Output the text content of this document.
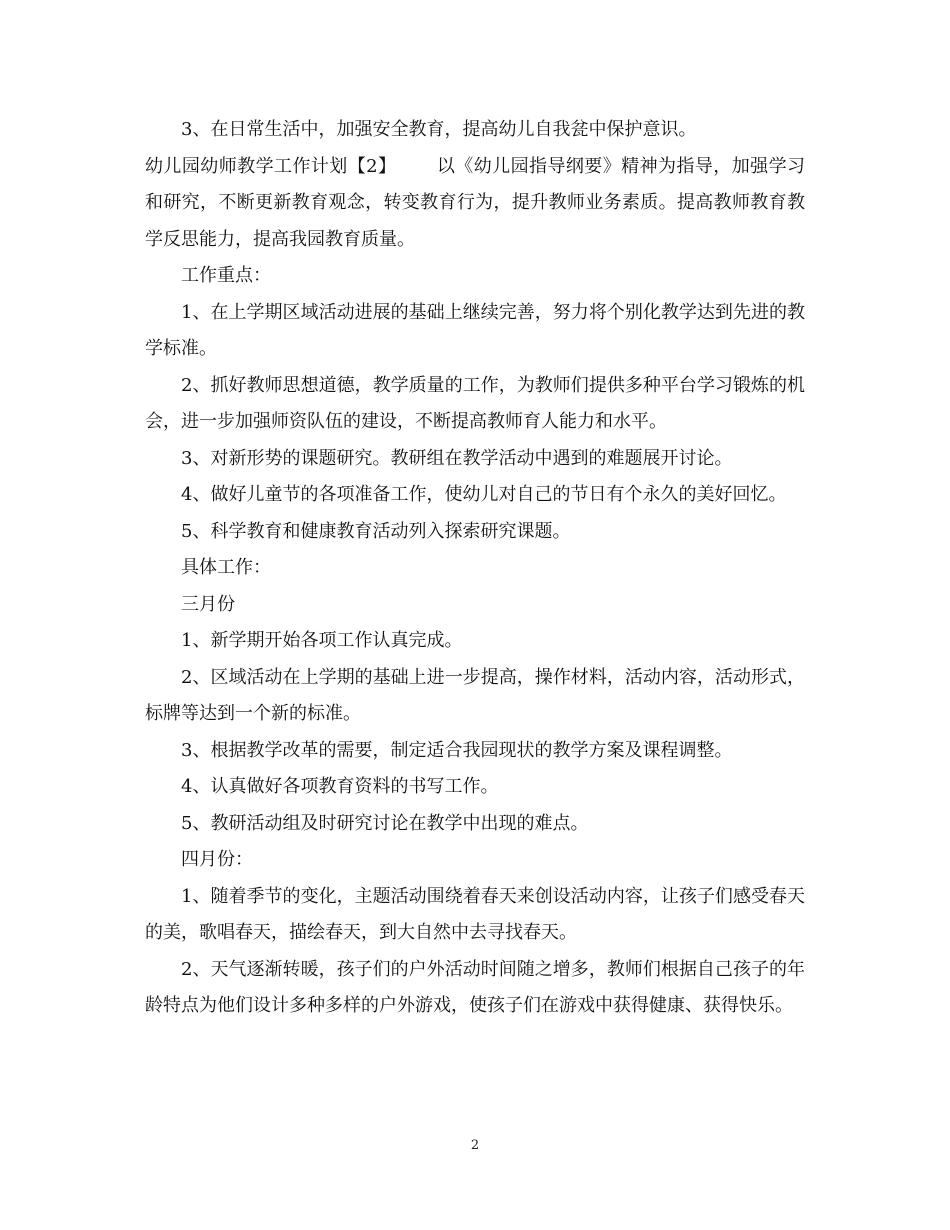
3、在日常生活中，加强安全教育，提高幼儿自我瓫中保护意识。

幼儿园幼师教学工作计划【2】 以《幼儿园指导纲要》精神为指导，加强学习和研究，不断更新教育观念，转变教育行为，提升教师业务素质。提高教师教育教学反思能力，提高我园教育质量。

工作重点：

1、在上学期区域活动进展的基础上继续完善，努力将个别化教学达到先进的教学标准。

2、抓好教师思想道德，教学质量的工作，为教师们提供多种平台学习锻炼的机会，进一步加强师资队伍的建设，不断提高教师育人能力和水平。

3、对新形势的课题研究。教研组在教学活动中遇到的难题展开讨论。

4、做好儿童节的各项准备工作，使幼儿对自己的节日有个永久的美好回忆。

5、科学教育和健康教育活动列入探索研究课题。

具体工作：

三月份

1、新学期开始各项工作认真完成。

2、区域活动在上学期的基础上进一步提高，操作材料，活动内容，活动形式，标牌等达到一个新的标准。

3、根据教学改革的需要，制定适合我园现状的教学方案及课程调整。

4、认真做好各项教育资料的书写工作。

5、教研活动组及时研究讨论在教学中出现的难点。

四月份：

1、随着季节的变化，主题活动围绕着春天来创设活动内容，让孩子们感受春天的美，歌唱春天，描绘春天，到大自然中去寻找春天。

2、天气逐渐转暖，孩子们的户外活动时间随之增多，教师们根据自己孩子的年龄特点为他们设计多种多样的户外游戏，使孩子们在游戏中获得健康、获得快乐。

2
